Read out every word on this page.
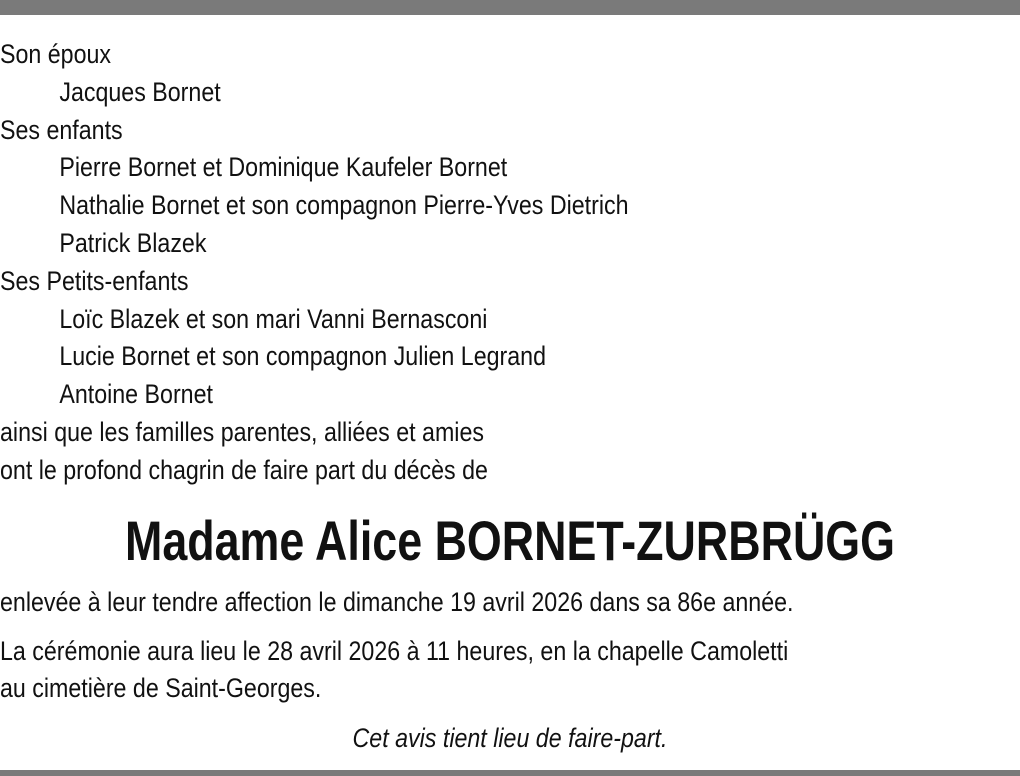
Son époux
Jacques Bornet
Ses enfants
Pierre Bornet et Dominique Kaufeler Bornet
Nathalie Bornet et son compagnon Pierre-Yves Dietrich
Patrick Blazek
Ses Petits-enfants
Loïc Blazek et son mari Vanni Bernasconi
Lucie Bornet et son compagnon Julien Legrand
Antoine Bornet
ainsi que les familles parentes, alliées et amies
ont le profond chagrin de faire part du décès de
Madame Alice BORNET-ZURBRÜGG
enlevée à leur tendre affection le dimanche 19 avril 2026 dans sa 86e année.
La cérémonie aura lieu le 28 avril 2026 à 11 heures, en la chapelle Camoletti
au cimetière de Saint-Georges.
Cet avis tient lieu de faire-part.
